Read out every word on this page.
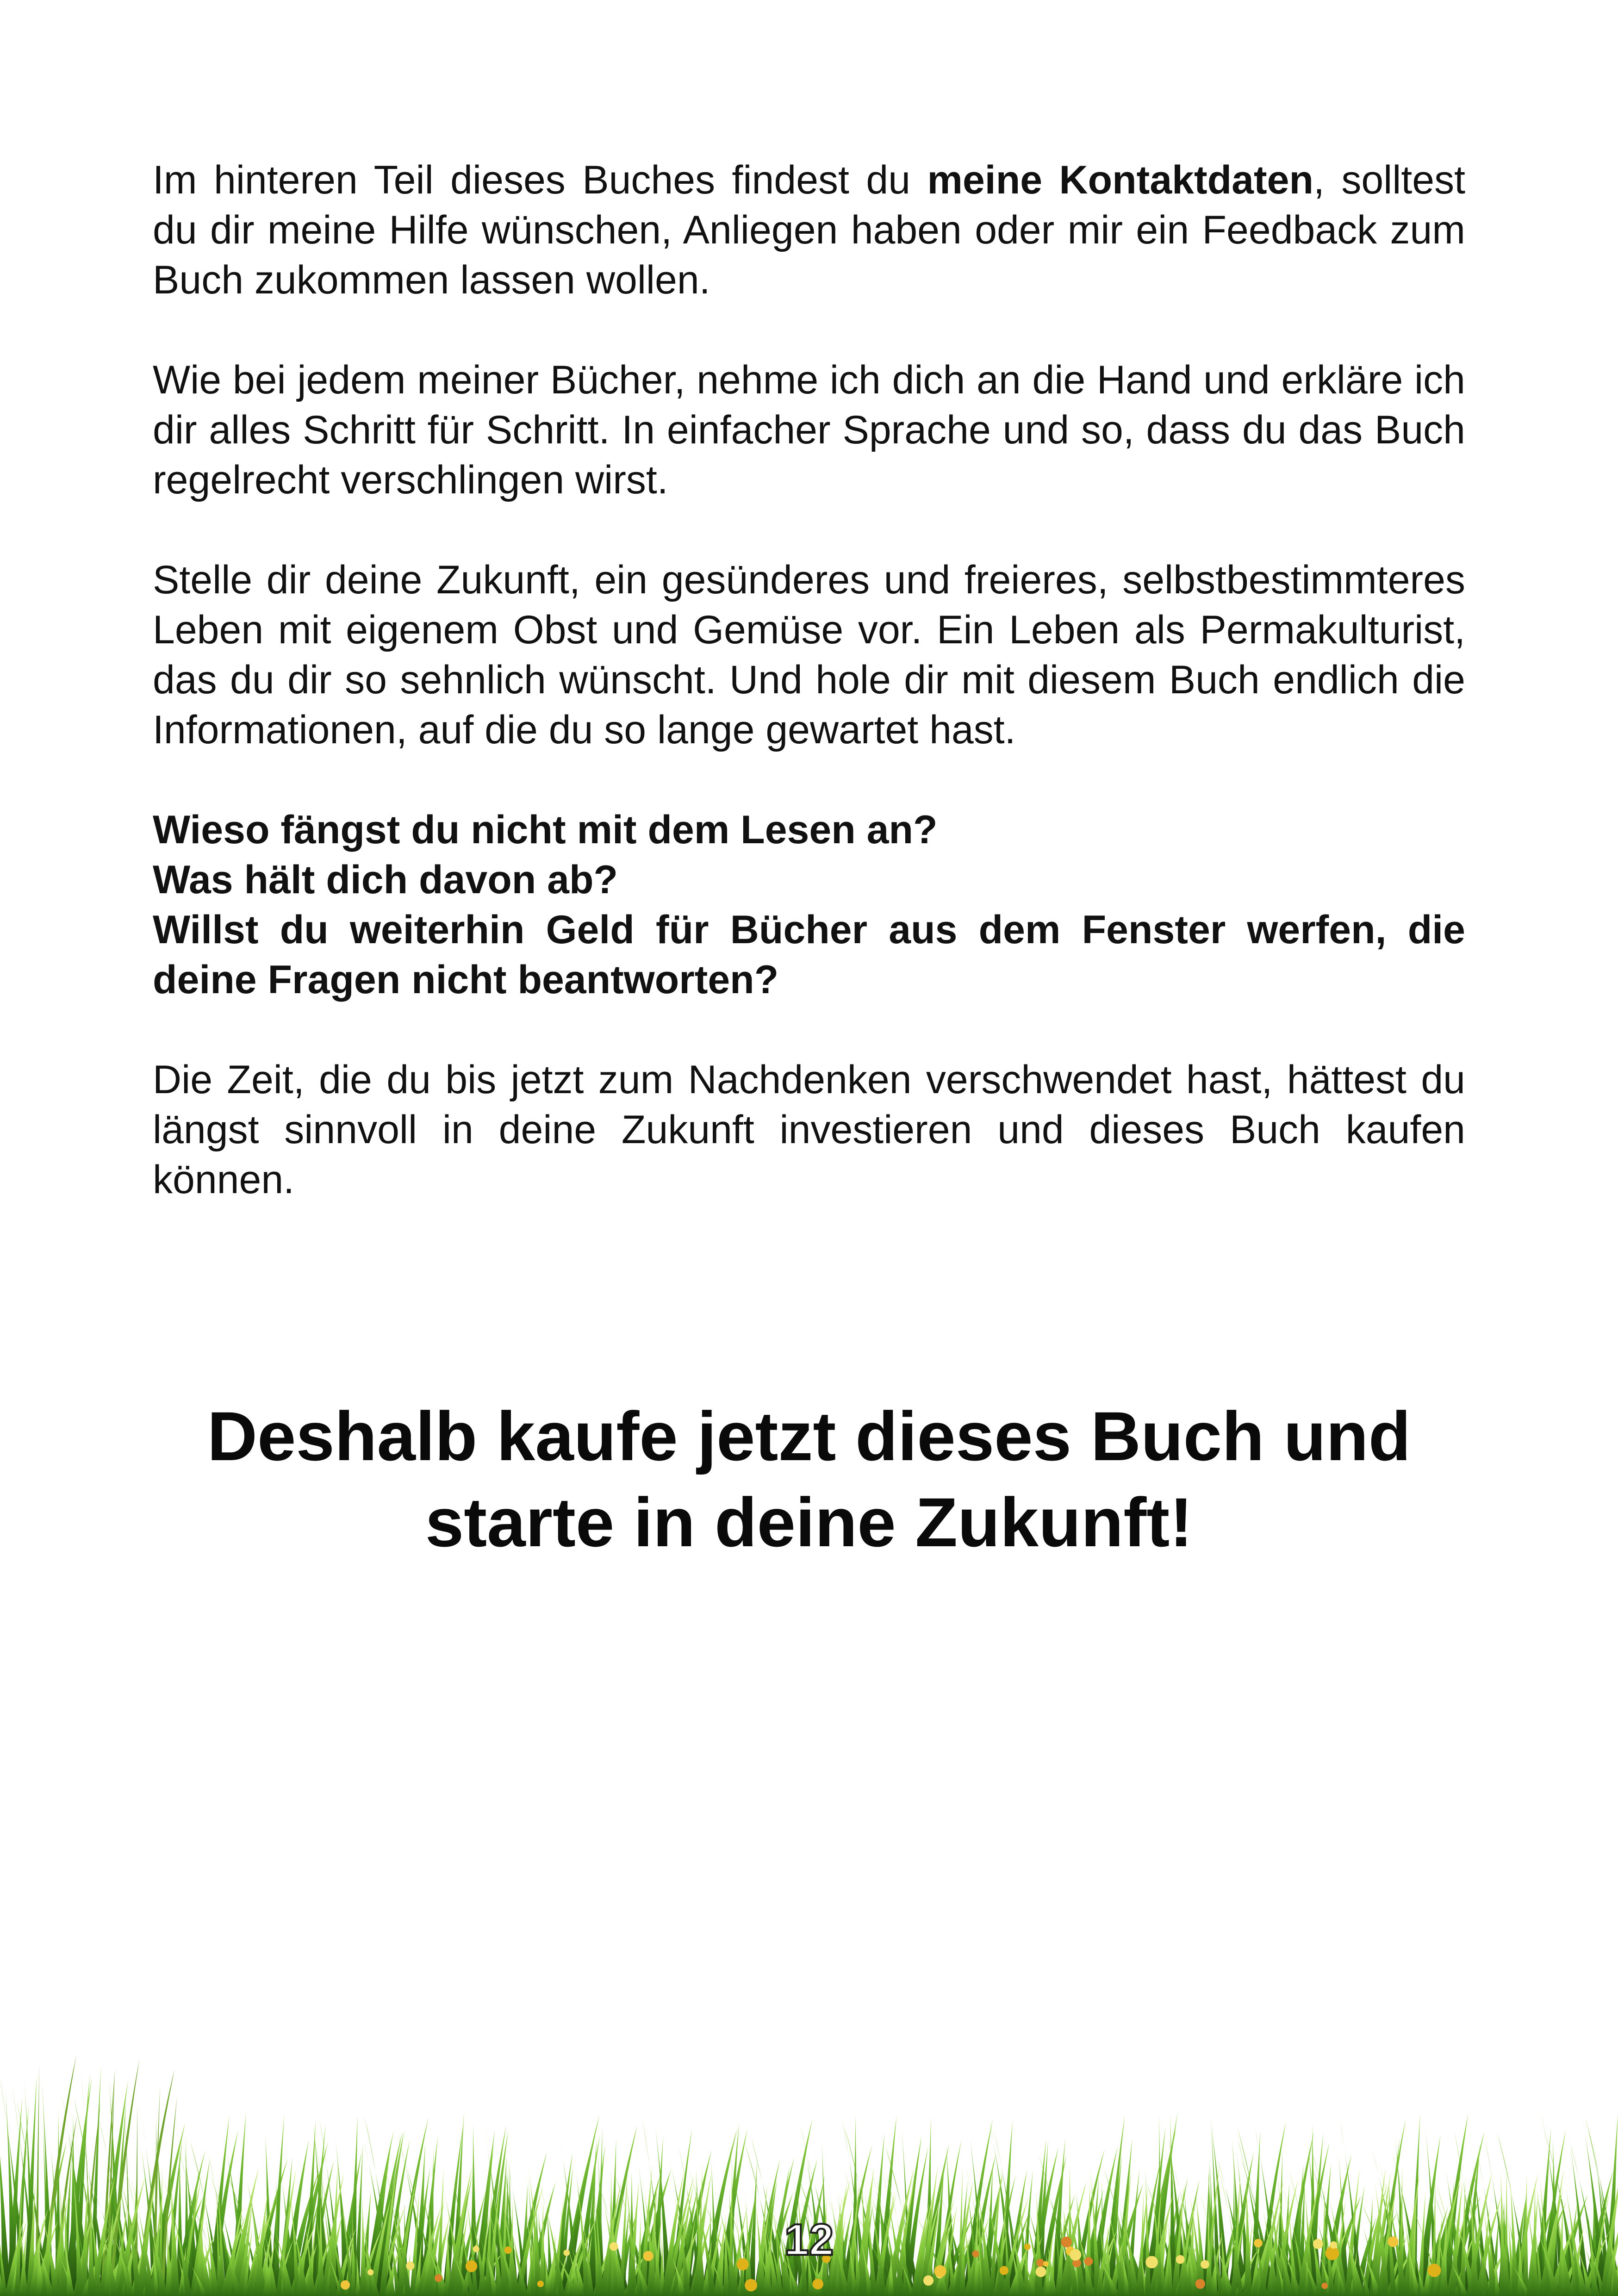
Im hinteren Teil dieses Buches findest du meine Kontaktdaten, solltest du dir meine Hilfe wünschen, Anliegen haben oder mir ein Feedback zum Buch zukommen lassen wollen.

Wie bei jedem meiner Bücher, nehme ich dich an die Hand und erkläre ich dir alles Schritt für Schritt. In einfacher Sprache und so, dass du das Buch regelrecht verschlingen wirst.

Stelle dir deine Zukunft, ein gesünderes und freieres, selbstbestimmteres Leben mit eigenem Obst und Gemüse vor. Ein Leben als Permakulturist, das du dir so sehnlich wünscht. Und hole dir mit diesem Buch endlich die Informationen, auf die du so lange gewartet hast.

Wieso fängst du nicht mit dem Lesen an?
Was hält dich davon ab?
Willst du weiterhin Geld für Bücher aus dem Fenster werfen, die deine Fragen nicht beantworten?

Die Zeit, die du bis jetzt zum Nachdenken verschwendet hast, hättest du längst sinnvoll in deine Zukunft investieren und dieses Buch kaufen können.

Deshalb kaufe jetzt dieses Buch und
starte in deine Zukunft!
12
